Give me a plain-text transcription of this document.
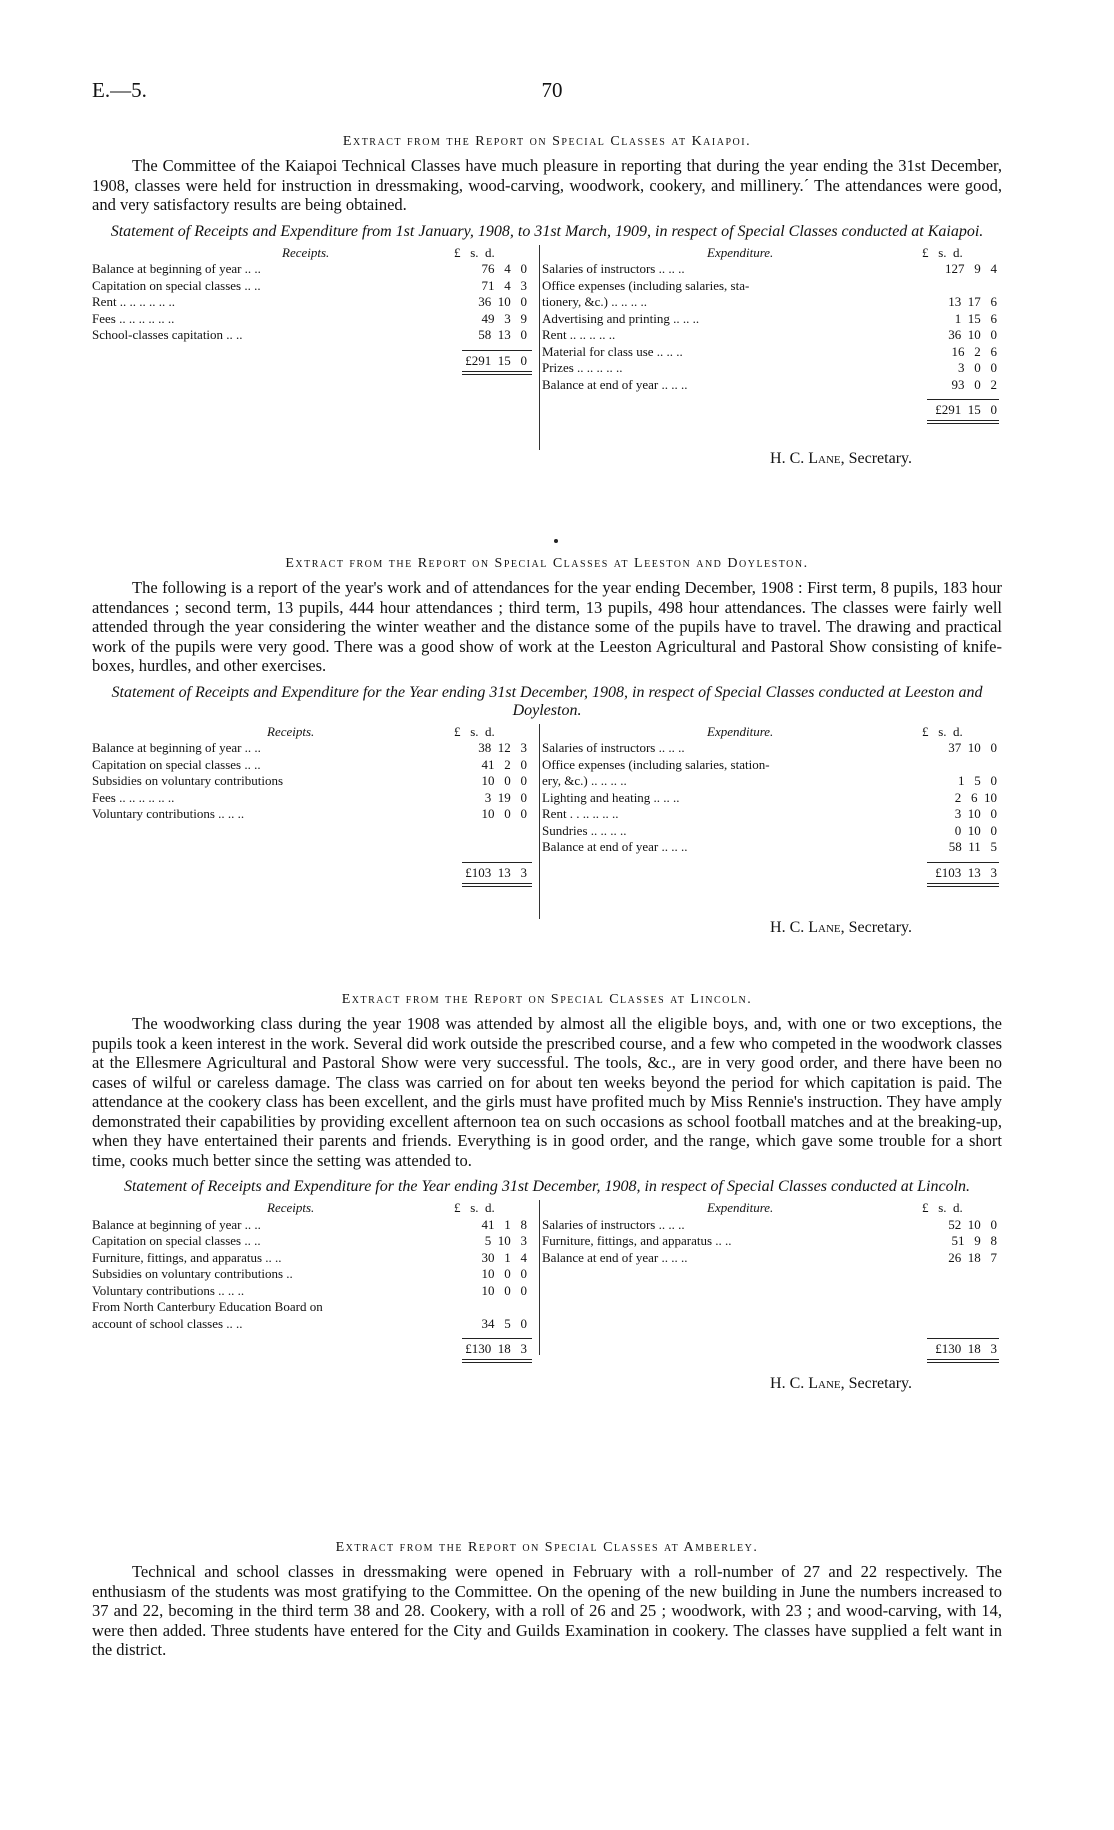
E.—5.	70
Extract from the Report on Special Classes at Kaiapoi.

The Committee of the Kaiapoi Technical Classes have much pleasure in reporting that during the year ending the 31st December, 1908, classes were held for instruction in dressmaking, wood-carving, woodwork, cookery, and millinery.´ The attendances were good, and very satisfactory results are being obtained.

Statement of Receipts and Expenditure from 1st January, 1908, to 31st March, 1909, in respect of Special Classes conducted at Kaiapoi.
Receipts.	£   s.  d.
Balance at beginning of year .. ..	76   4   0
Capitation on special classes .. ..	71   4   3
Rent .. .. .. .. .. ..	36  10   0
Fees .. .. .. .. .. ..	49   3   9
School-classes capitation .. ..	58  13   0
£291  15   0
Expenditure.	£   s.  d.
Salaries of instructors .. .. ..	127   9   4
Office expenses (including salaries, sta-
tionery, &c.) .. .. .. ..	13  17   6
Advertising and printing .. .. ..	1  15   6
Rent .. .. .. .. ..	36  10   0
Material for class use .. .. ..	16   2   6
Prizes .. .. .. .. ..	3   0   0
Balance at end of year .. .. ..	93   0   2
£291  15   0

H. C. Lane, Secretary.

Extract from the Report on Special Classes at Leeston and Doyleston.

The following is a report of the year's work and of attendances for the year ending December, 1908 : First term, 8 pupils, 183 hour attendances ; second term, 13 pupils, 444 hour attendances ; third term, 13 pupils, 498 hour attendances. The classes were fairly well attended through the year considering the winter weather and the distance some of the pupils have to travel. The drawing and practical work of the pupils were very good. There was a good show of work at the Leeston Agricultural and Pastoral Show consisting of knife-boxes, hurdles, and other exercises.

Statement of Receipts and Expenditure for the Year ending 31st December, 1908, in respect of Special Classes conducted at Leeston and Doyleston.
Receipts.	£   s.  d.
Balance at beginning of year .. ..	38  12   3
Capitation on special classes .. ..	41   2   0
Subsidies on voluntary contributions	10   0   0
Fees .. .. .. .. .. ..	3  19   0
Voluntary contributions .. .. ..	10   0   0
£103  13   3
Expenditure.	£   s.  d.
Salaries of instructors .. .. ..	37  10   0
Office expenses (including salaries, station-
ery, &c.) .. .. .. ..	1   5   0
Lighting and heating .. .. ..	2   6  10
Rent . . .. .. .. ..	3  10   0
Sundries .. .. .. ..	0  10   0
Balance at end of year .. .. ..	58  11   5
£103  13   3

H. C. Lane, Secretary.

Extract from the Report on Special Classes at Lincoln.

The woodworking class during the year 1908 was attended by almost all the eligible boys, and, with one or two exceptions, the pupils took a keen interest in the work. Several did work outside the prescribed course, and a few who competed in the woodwork classes at the Ellesmere Agricultural and Pastoral Show were very successful. The tools, &c., are in very good order, and there have been no cases of wilful or careless damage. The class was carried on for about ten weeks beyond the period for which capitation is paid. The attendance at the cookery class has been excellent, and the girls must have profited much by Miss Rennie's instruction. They have amply demonstrated their capabilities by providing excellent afternoon tea on such occasions as school football matches and at the breaking-up, when they have entertained their parents and friends. Everything is in good order, and the range, which gave some trouble for a short time, cooks much better since the setting was attended to.

Statement of Receipts and Expenditure for the Year ending 31st December, 1908, in respect of Special Classes conducted at Lincoln.
Receipts.	£   s.  d.
Balance at beginning of year .. ..	41   1   8
Capitation on special classes .. ..	5  10   3
Furniture, fittings, and apparatus .. ..	30   1   4
Subsidies on voluntary contributions ..	10   0   0
Voluntary contributions .. .. ..	10   0   0
From North Canterbury Education Board on
account of school classes .. ..	34   5   0
£130  18   3
Expenditure.	£   s.  d.
Salaries of instructors .. .. ..	52  10   0
Furniture, fittings, and apparatus .. ..	51   9   8
Balance at end of year .. .. ..	26  18   7
£130  18   3

H. C. Lane, Secretary.

Extract from the Report on Special Classes at Amberley.

Technical and school classes in dressmaking were opened in February with a roll-number of 27 and 22 respectively. The enthusiasm of the students was most gratifying to the Committee. On the opening of the new building in June the numbers increased to 37 and 22, becoming in the third term 38 and 28. Cookery, with a roll of 26 and 25 ; woodwork, with 23 ; and wood-carving, with 14, were then added. Three students have entered for the City and Guilds Examination in cookery. The classes have supplied a felt want in the district.
